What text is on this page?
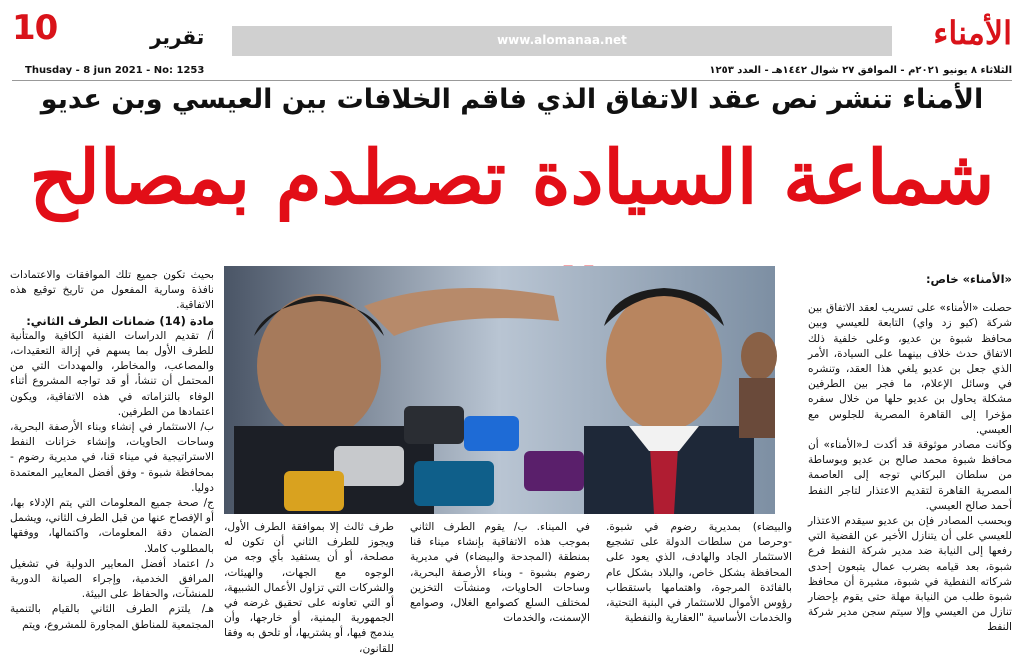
10	تقرير	www.alomanaa.net	الأمناء
Thusday - 8 jun 2021 - No: 1253	الثلاثاء ٨ يونيو ٢٠٢١م - الموافق ٢٧ شوال ١٤٤٢هـ - العدد ١٢٥٣
الأمناء تنشر نص عقد الاتفاق الذي فاقم الخلافات بين العيسي وبن عديو
شماعة السيادة تصطدم بمصالح

«الأمناء» خاص:

حصلت «الأمناء» على تسريب لعقد الاتفاق بين شركة (كيو زد واي) التابعة للعيسي وبين محافظ شبوة بن عديو، وعلى خلفية ذلك الاتفاق حدث خلاف بينهما على السيادة، الأمر الذي جعل بن عديو يلغي هذا العقد، وتنشره في وسائل الإعلام، ما فجر بين الطرفين مشكلة يحاول بن عديو حلها من خلال سفره مؤخرا إلى القاهرة المصرية للجلوس مع العيسي.

وكانت مصادر موثوقة قد أكدت لـ«الأمناء» أن محافظ شبوة محمد صالح بن عديو وبوساطة من سلطان البركاني توجه إلى العاصمة المصرية القاهرة لتقديم الاعتذار لتاجر النفط أحمد صالح العيسي.

وبحسب المصادر فإن بن عديو سيقدم الاعتذار للعيسي على أن يتنازل الأخير عن القضية التي رفعها إلى النيابة ضد مدير شركة النفط فرع شبوة، بعد قيامه بضرب عمال يتبعون إحدى شركاته النفطية في شبوة، مشيرة أن محافظ شبوة طلب من النيابة مهلة حتى يقوم بإحضار تنازل من العيسي وإلا سيتم سجن مدير شركة النفط

بحيث تكون جميع تلك الموافقات والاعتمادات نافذة وسارية المفعول من تاريخ توقيع هذه الاتفاقية.

مادة (14) ضمانات الطرف الثاني:

أ/ تقديم الدراسات الفنية الكافية والمتأنية للطرف الأول بما يسهم في إزالة التعقيدات، والمصاعب، والمخاطر، والمهددات التي من المحتمل أن تنشأ، أو قد تواجه المشروع أثناء الوفاء بالتزاماته في هذه الاتفاقية، ويكون اعتمادها من الطرفين.

ب/ الاستثمار في إنشاء وبناء الأرصفة البحرية، وساحات الحاويات، وإنشاء خزانات النفط الاستراتيجية في ميناء قنا، في مديرية رضوم - بمحافظة شبوة - وفق أفضل المعايير المعتمدة دوليا.

ج/ صحة جميع المعلومات التي يتم الإدلاء بها، أو الإفصاح عنها من قبل الطرف الثاني، ويشمل الضمان دقة المعلومات، واكتمالها، ووفقها بالمطلوب كاملا.

د/ اعتماد أفضل المعايير الدولية في تشغيل المرافق الخدمية، وإجراء الصيانة الدورية للمنشآت، والحفاظ على البيئة.

هـ/ يلتزم الطرف الثاني بالقيام بالتنمية المجتمعية للمناطق المجاورة للمشروع، ويتم

طرف ثالث إلا بموافقة الطرف الأول، ويجوز للطرف الثاني أن تكون له مصلحة، أو أن يستفيد بأي وجه من الوجوه مع الجهات، والهيئات، والشركات التي تزاول الأعمال الشبيهة، أو التي تعاونه على تحقيق غرضه في الجمهورية اليمنية، أو خارجها، وأن يندمج فيها، أو يشتريها، أو تلحق به وفقا للقانون،

في الميناء. ب/ يقوم الطرف الثاني بموجب هذه الاتفاقية بإنشاء ميناء قنا بمنطقة (المجدحة والبيضاء) في مديرية رضوم بشبوة - وبناء الأرصفة البحرية، وساحات الحاويات، ومنشآت التخزين لمختلف السلع كصوامع الغلال، وصوامع الإسمنت، والخدمات

والبيضاء) بمديرية رضوم في شبوة. -وحرصا من سلطات الدولة على تشجيع الاستثمار الجاد والهادف، الذي يعود على المحافظة بشكل خاص، والبلاد بشكل عام بالفائدة المرجوة، واهتمامها باستقطاب رؤوس الأموال للاستثمار في البنية التحتية، والخدمات الأساسية "العقارية والنفطية
